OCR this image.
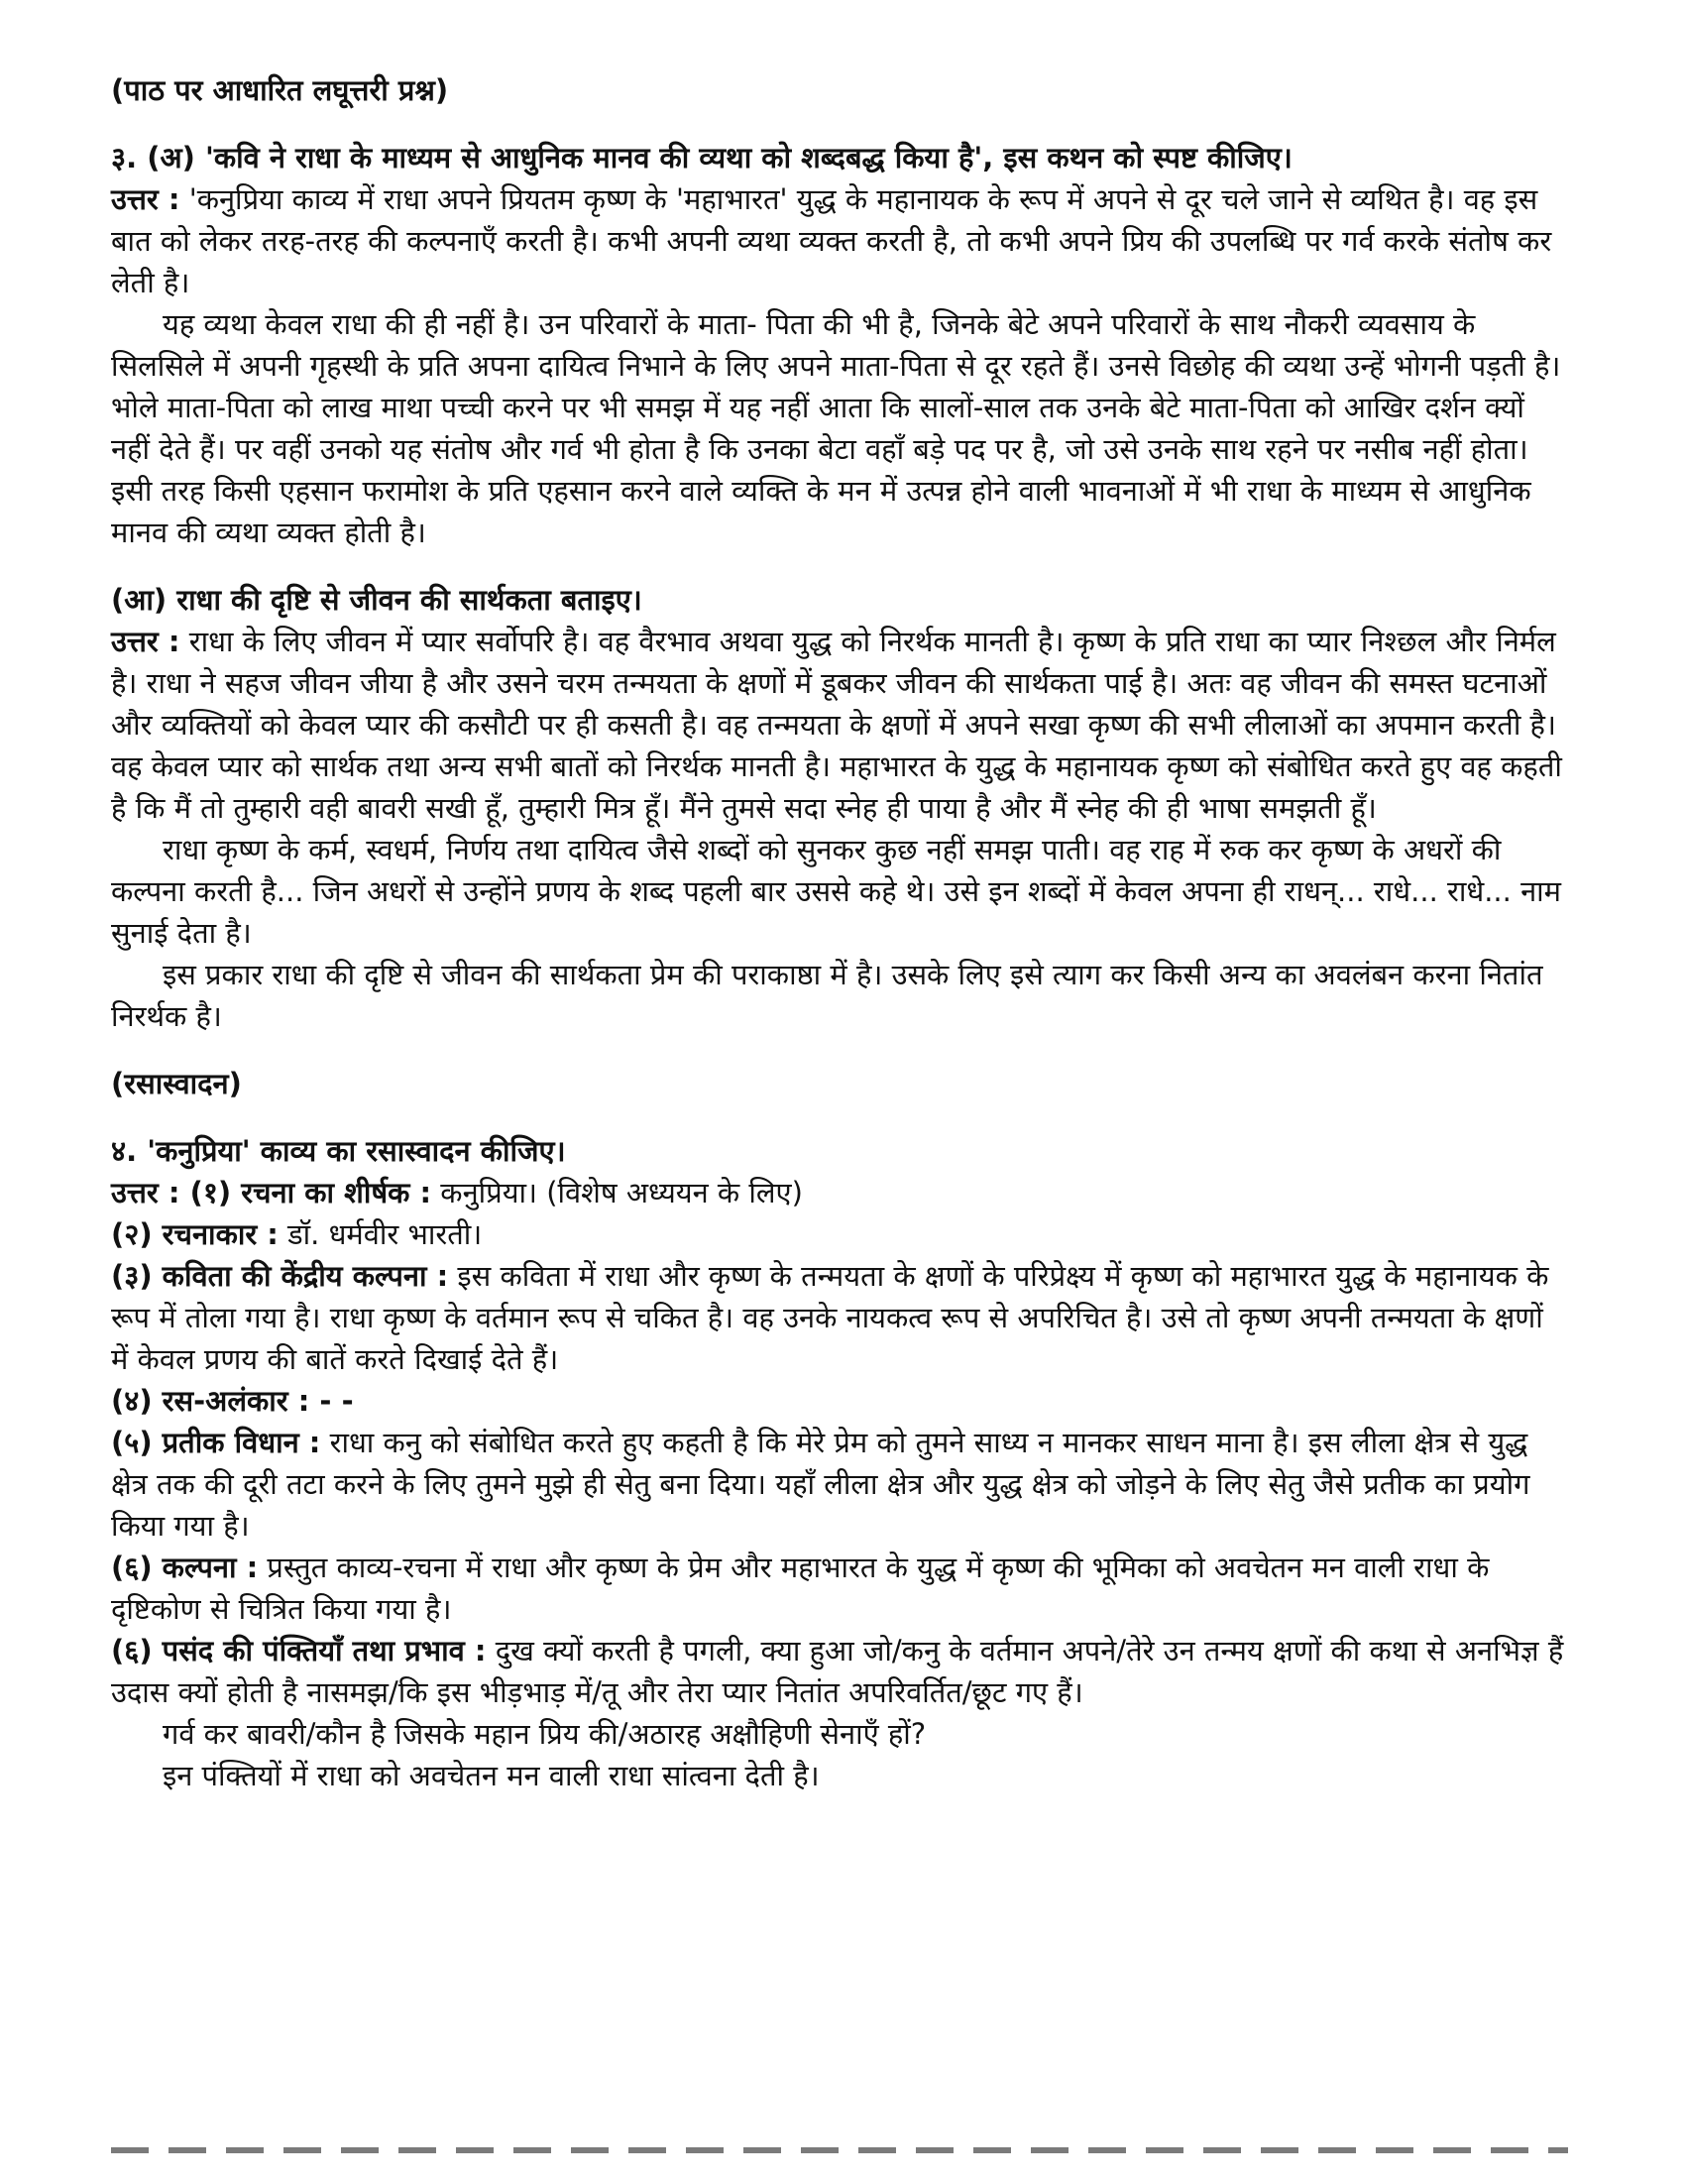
(पाठ पर आधारित लघूत्तरी प्रश्न)

३. (अ) 'कवि ने राधा के माध्यम से आधुनिक मानव की व्यथा को शब्दबद्ध किया है', इस कथन को स्पष्ट कीजिए।

उत्तर : 'कनुप्रिया काव्य में राधा अपने प्रियतम कृष्ण के 'महाभारत' युद्ध के महानायक के रूप में अपने से दूर चले जाने से व्यथित है। वह इस बात को लेकर तरह-तरह की कल्पनाएँ करती है। कभी अपनी व्यथा व्यक्त करती है, तो कभी अपने प्रिय की उपलब्धि पर गर्व करके संतोष कर लेती है।

यह व्यथा केवल राधा की ही नहीं है। उन परिवारों के माता- पिता की भी है, जिनके बेटे अपने परिवारों के साथ नौकरी व्यवसाय के सिलसिले में अपनी गृहस्थी के प्रति अपना दायित्व निभाने के लिए अपने माता-पिता से दूर रहते हैं। उनसे विछोह की व्यथा उन्हें भोगनी पड़ती है। भोले माता-पिता को लाख माथा पच्ची करने पर भी समझ में यह नहीं आता कि सालों-साल तक उनके बेटे माता-पिता को आखिर दर्शन क्यों नहीं देते हैं। पर वहीं उनको यह संतोष और गर्व भी होता है कि उनका बेटा वहाँ बड़े पद पर है, जो उसे उनके साथ रहने पर नसीब नहीं होता। इसी तरह किसी एहसान फरामोश के प्रति एहसान करने वाले व्यक्ति के मन में उत्पन्न होने वाली भावनाओं में भी राधा के माध्यम से आधुनिक मानव की व्यथा व्यक्त होती है।

(आ) राधा की दृष्टि से जीवन की सार्थकता बताइए।

उत्तर : राधा के लिए जीवन में प्यार सर्वोपरि है। वह वैरभाव अथवा युद्ध को निरर्थक मानती है। कृष्ण के प्रति राधा का प्यार निश्छल और निर्मल है। राधा ने सहज जीवन जीया है और उसने चरम तन्मयता के क्षणों में डूबकर जीवन की सार्थकता पाई है। अतः वह जीवन की समस्त घटनाओं और व्यक्तियों को केवल प्यार की कसौटी पर ही कसती है। वह तन्मयता के क्षणों में अपने सखा कृष्ण की सभी लीलाओं का अपमान करती है। वह केवल प्यार को सार्थक तथा अन्य सभी बातों को निरर्थक मानती है। महाभारत के युद्ध के महानायक कृष्ण को संबोधित करते हुए वह कहती है कि मैं तो तुम्हारी वही बावरी सखी हूँ, तुम्हारी मित्र हूँ। मैंने तुमसे सदा स्नेह ही पाया है और मैं स्नेह की ही भाषा समझती हूँ।

राधा कृष्ण के कर्म, स्वधर्म, निर्णय तथा दायित्व जैसे शब्दों को सुनकर कुछ नहीं समझ पाती। वह राह में रुक कर कृष्ण के अधरों की कल्पना करती है... जिन अधरों से उन्होंने प्रणय के शब्द पहली बार उससे कहे थे। उसे इन शब्दों में केवल अपना ही राधन्... राधे... राधे... नाम सुनाई देता है।

इस प्रकार राधा की दृष्टि से जीवन की सार्थकता प्रेम की पराकाष्ठा में है। उसके लिए इसे त्याग कर किसी अन्य का अवलंबन करना नितांत निरर्थक है।

(रसास्वादन)

४. 'कनुप्रिया' काव्य का रसास्वादन कीजिए।

उत्तर : (१) रचना का शीर्षक : कनुप्रिया। (विशेष अध्ययन के लिए)

(२) रचनाकार : डॉ. धर्मवीर भारती।

(३) कविता की केंद्रीय कल्पना : इस कविता में राधा और कृष्ण के तन्मयता के क्षणों के परिप्रेक्ष्य में कृष्ण को महाभारत युद्ध के महानायक के रूप में तोला गया है। राधा कृष्ण के वर्तमान रूप से चकित है। वह उनके नायकत्व रूप से अपरिचित है। उसे तो कृष्ण अपनी तन्मयता के क्षणों में केवल प्रणय की बातें करते दिखाई देते हैं।

(४) रस-अलंकार : - -

(५) प्रतीक विधान : राधा कनु को संबोधित करते हुए कहती है कि मेरे प्रेम को तुमने साध्य न मानकर साधन माना है। इस लीला क्षेत्र से युद्ध क्षेत्र तक की दूरी तटा करने के लिए तुमने मुझे ही सेतु बना दिया। यहाँ लीला क्षेत्र और युद्ध क्षेत्र को जोड़ने के लिए सेतु जैसे प्रतीक का प्रयोग किया गया है।

(६) कल्पना : प्रस्तुत काव्य-रचना में राधा और कृष्ण के प्रेम और महाभारत के युद्ध में कृष्ण की भूमिका को अवचेतन मन वाली राधा के दृष्टिकोण से चित्रित किया गया है।

(६) पसंद की पंक्तियाँ तथा प्रभाव : दुख क्यों करती है पगली, क्या हुआ जो/कनु के वर्तमान अपने/तेरे उन तन्मय क्षणों की कथा से अनभिज्ञ हैं उदास क्यों होती है नासमझ/कि इस भीड़भाड़ में/तू और तेरा प्यार नितांत अपरिवर्तित/छूट गए हैं।

गर्व कर बावरी/कौन है जिसके महान प्रिय की/अठारह अक्षौहिणी सेनाएँ हों?

इन पंक्तियों में राधा को अवचेतन मन वाली राधा सांत्वना देती है।
